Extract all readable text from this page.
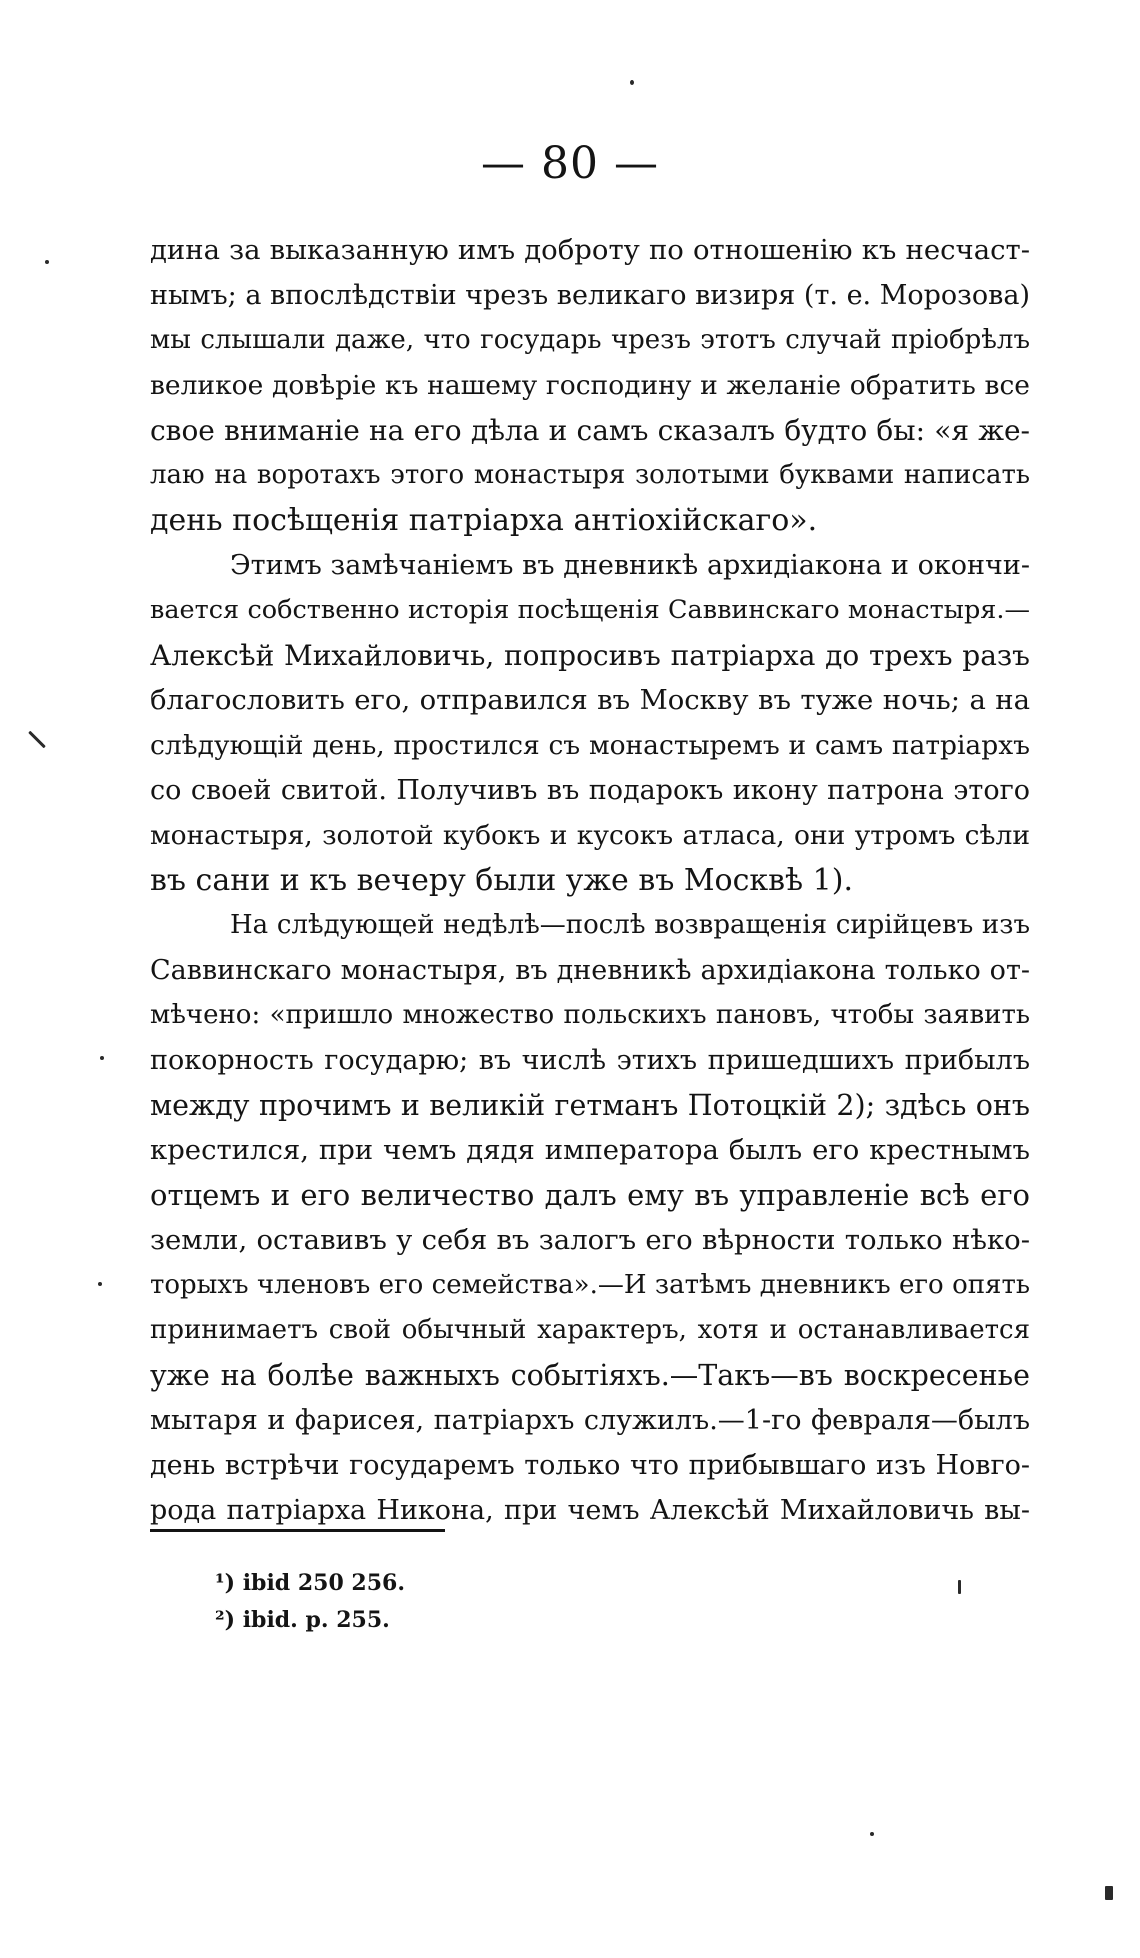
— 80 —
дина за выказанную имъ доброту по отношенію къ несчаст-
нымъ; а впослѣдствіи чрезъ великаго визиря (т. е. Морозова)
мы слышали даже, что государь чрезъ этотъ случай пріобрѣлъ
великое довѣріе къ нашему господину и желаніе обратить все
свое вниманіе на его дѣла и самъ сказалъ будто бы: «я же-
лаю на воротахъ этого монастыря золотыми буквами написать
день посѣщенія патріарха антіохійскаго».
Этимъ замѣчаніемъ въ дневникѣ архидіакона и окончи-
вается собственно исторія посѣщенія Саввинскаго монастыря.—
Алексѣй Михайловичь, попросивъ патріарха до трехъ разъ
благословить его, отправился въ Москву въ туже ночь; а на
слѣдующій день, простился съ монастыремъ и самъ патріархъ
со своей свитой. Получивъ въ подарокъ икону патрона этого
монастыря, золотой кубокъ и кусокъ атласа, они утромъ сѣли
въ сани и къ вечеру были уже въ Москвѣ 1).
На слѣдующей недѣлѣ—послѣ возвращенія сирійцевъ изъ
Саввинскаго монастыря, въ дневникѣ архидіакона только от-
мѣчено: «пришло множество польскихъ пановъ, чтобы заявить
покорность государю; въ числѣ этихъ пришедшихъ прибылъ
между прочимъ и великій гетманъ Потоцкій 2); здѣсь онъ
крестился, при чемъ дядя императора былъ его крестнымъ
отцемъ и его величество далъ ему въ управленіе всѣ его
земли, оставивъ у себя въ залогъ его вѣрности только нѣко-
торыхъ членовъ его семейства».—И затѣмъ дневникъ его опять
принимаетъ свой обычный характеръ, хотя и останавливается
уже на болѣе важныхъ событіяхъ.—Такъ—въ воскресенье
мытаря и фарисея, патріархъ служилъ.—1-го февраля—былъ
день встрѣчи государемъ только что прибывшаго изъ Новго-
рода патріарха Никона, при чемъ Алексѣй Михайловичь вы-
¹) ibid 250 256.
²) ibid. p. 255.
